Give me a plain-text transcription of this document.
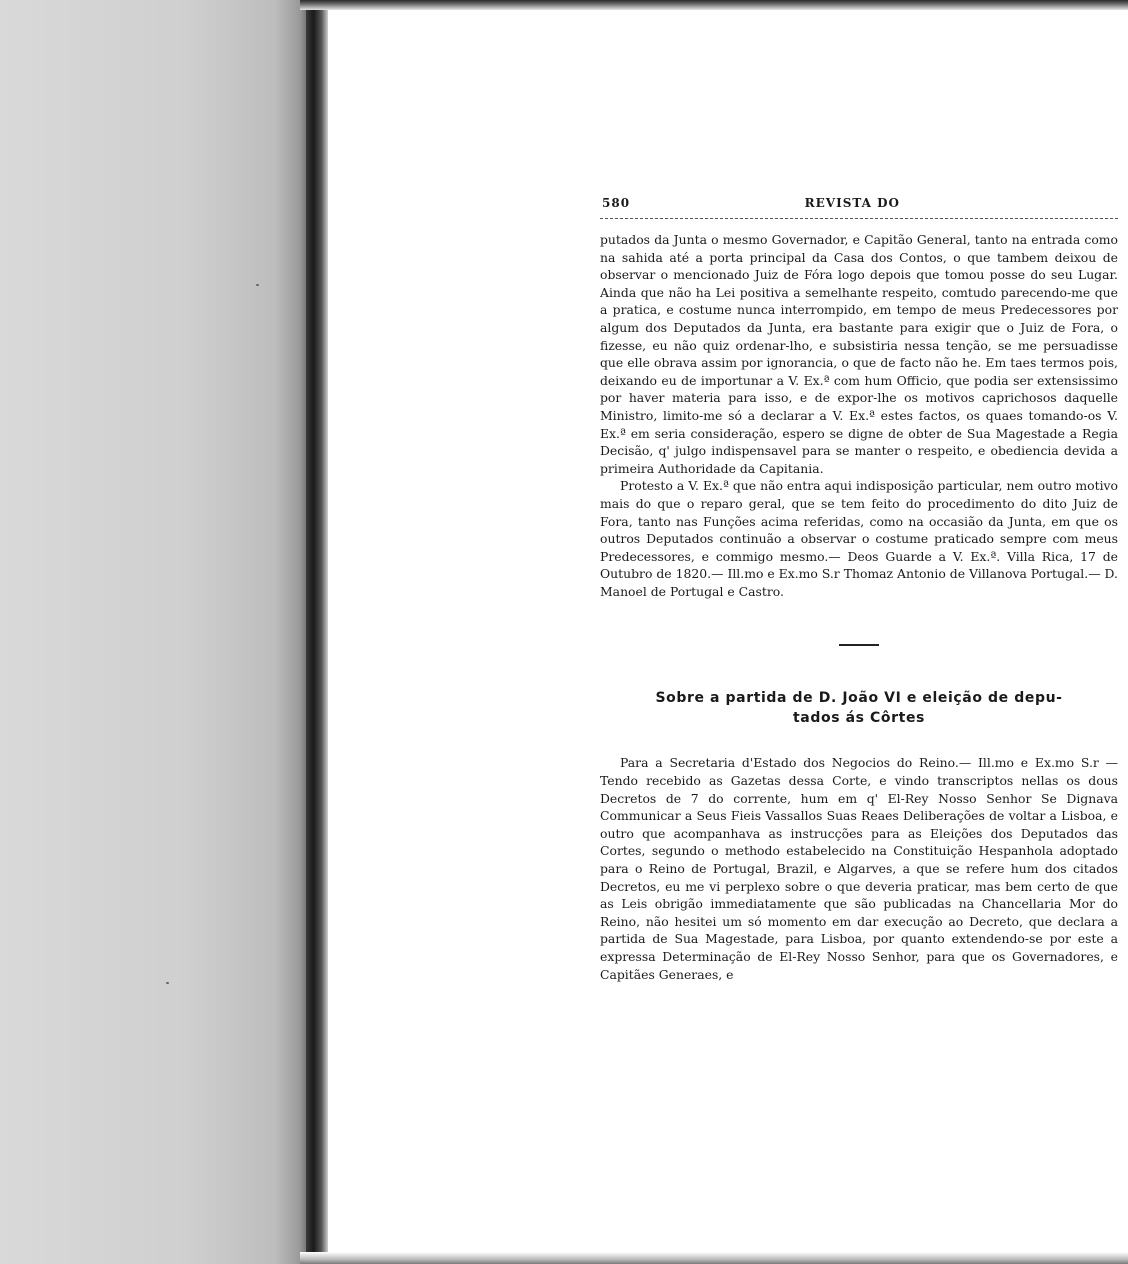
580	REVISTA DO

putados da Junta o mesmo Governador, e Capitão General, tanto na entrada como na sahida até a porta principal da Casa dos Contos, o que tambem deixou de observar o mencionado Juiz de Fóra logo depois que tomou posse do seu Lugar. Ainda que não ha Lei positiva a semelhante respeito, comtudo parecendo-me que a pratica, e costume nunca interrompido, em tempo de meus Predecessores por algum dos Deputados da Junta, era bastante para exigir que o Juiz de Fora, o fizesse, eu não quiz ordenar-lho, e subsistiria nessa tenção, se me persuadisse que elle obrava assim por ignorancia, o que de facto não he. Em taes termos pois, deixando eu de importunar a V. Ex.ª com hum Officio, que podia ser extensissimo por haver materia para isso, e de expor-lhe os motivos caprichosos daquelle Ministro, limito-me só a declarar a V. Ex.ª estes factos, os quaes tomando-os V. Ex.ª em seria consideração, espero se digne de obter de Sua Magestade a Regia Decisão, q' julgo indispensavel para se manter o respeito, e obediencia devida a primeira Authoridade da Capitania.

Protesto a V. Ex.ª que não entra aqui indisposição particular, nem outro motivo mais do que o reparo geral, que se tem feito do procedimento do dito Juiz de Fora, tanto nas Funções acima referidas, como na occasião da Junta, em que os outros Deputados continuão a observar o costume praticado sempre com meus Predecessores, e commigo mesmo.— Deos Guarde a V. Ex.ª. Villa Rica, 17 de Outubro de 1820.— Ill.mo e Ex.mo S.r Thomaz Antonio de Villanova Portugal.— D. Manoel de Portugal e Castro.

Sobre a partida de D. João VI e eleição de depu-
tados ás Côrtes

Para a Secretaria d'Estado dos Negocios do Reino.— Ill.mo e Ex.mo S.r — Tendo recebido as Gazetas dessa Corte, e vindo transcriptos nellas os dous Decretos de 7 do corrente, hum em q' El-Rey Nosso Senhor Se Dignava Communicar a Seus Fieis Vassallos Suas Reaes Deliberações de voltar a Lisboa, e outro que acompanhava as instrucções para as Eleições dos Deputados das Cortes, segundo o methodo estabelecido na Constituição Hespanhola adoptado para o Reino de Portugal, Brazil, e Algarves, a que se refere hum dos citados Decretos, eu me vi perplexo sobre o que deveria praticar, mas bem certo de que as Leis obrigão immediatamente que são publicadas na Chancellaria Mor do Reino, não hesitei um só momento em dar execução ao Decreto, que declara a partida de Sua Magestade, para Lisboa, por quanto extendendo-se por este a expressa Determinação de El-Rey Nosso Senhor, para que os Governadores, e Capitães Generaes, e
